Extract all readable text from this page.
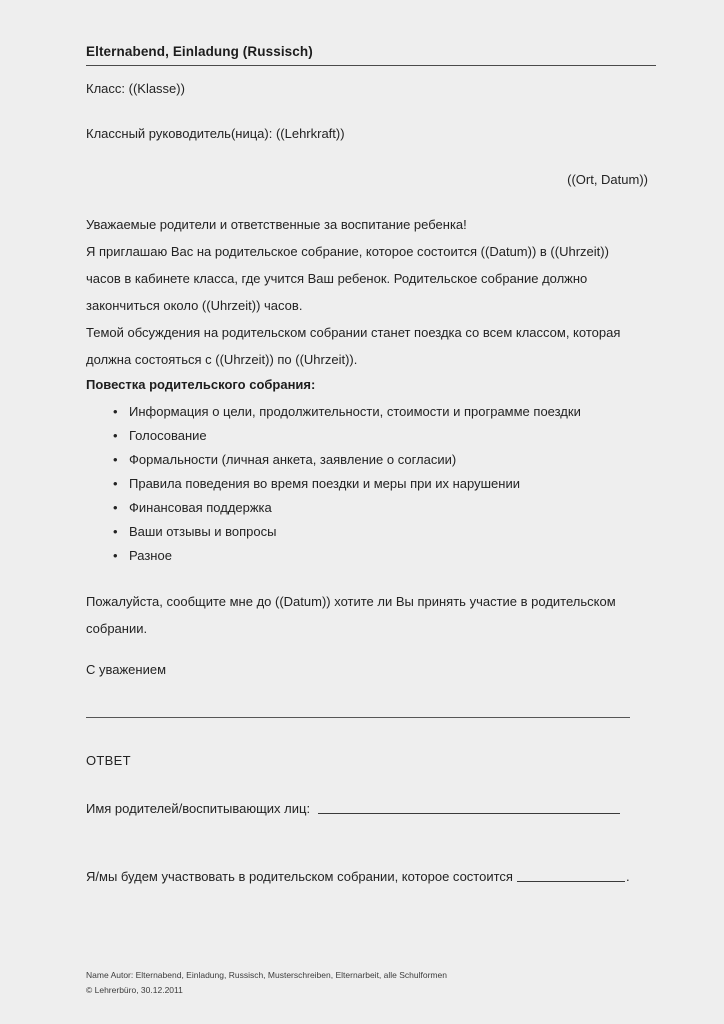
Elternabend, Einladung (Russisch)
Класс: ((Klasse))
Классный руководитель(ница): ((Lehrkraft))
((Ort, Datum))

Уважаемые родители и ответственные за воспитание ребенка!

Я приглашаю Вас на родительское собрание, которое состоится ((Datum)) в ((Uhrzeit))

часов в кабинете класса, где учится Ваш ребенок. Родительское собрание должно

закончиться около ((Uhrzeit)) часов.

Темой обсуждения на родительском собрании станет поездка со всем классом, которая

должна состояться с ((Uhrzeit)) по ((Uhrzeit)).

Повестка родительского собрания:
• Информация о цели, продолжительности, стоимости и программе поездки
• Голосование
• Формальности (личная анкета, заявление о согласии)
• Правила поведения во время поездки и меры при их нарушении
• Финансовая поддержка
• Ваши отзывы и вопросы
• Разное

Пожалуйста, сообщите мне до ((Datum)) хотите ли Вы принять участие в родительском

собрании.

С уважением
ОТВЕТ
Имя родителей/воспитывающих лиц:
Я/мы будем участвовать в родительском собрании, которое состоится	.
Name Autor: Elternabend, Einladung, Russisch, Musterschreiben, Elternarbeit, alle Schulformen
© Lehrerbüro, 30.12.2011
